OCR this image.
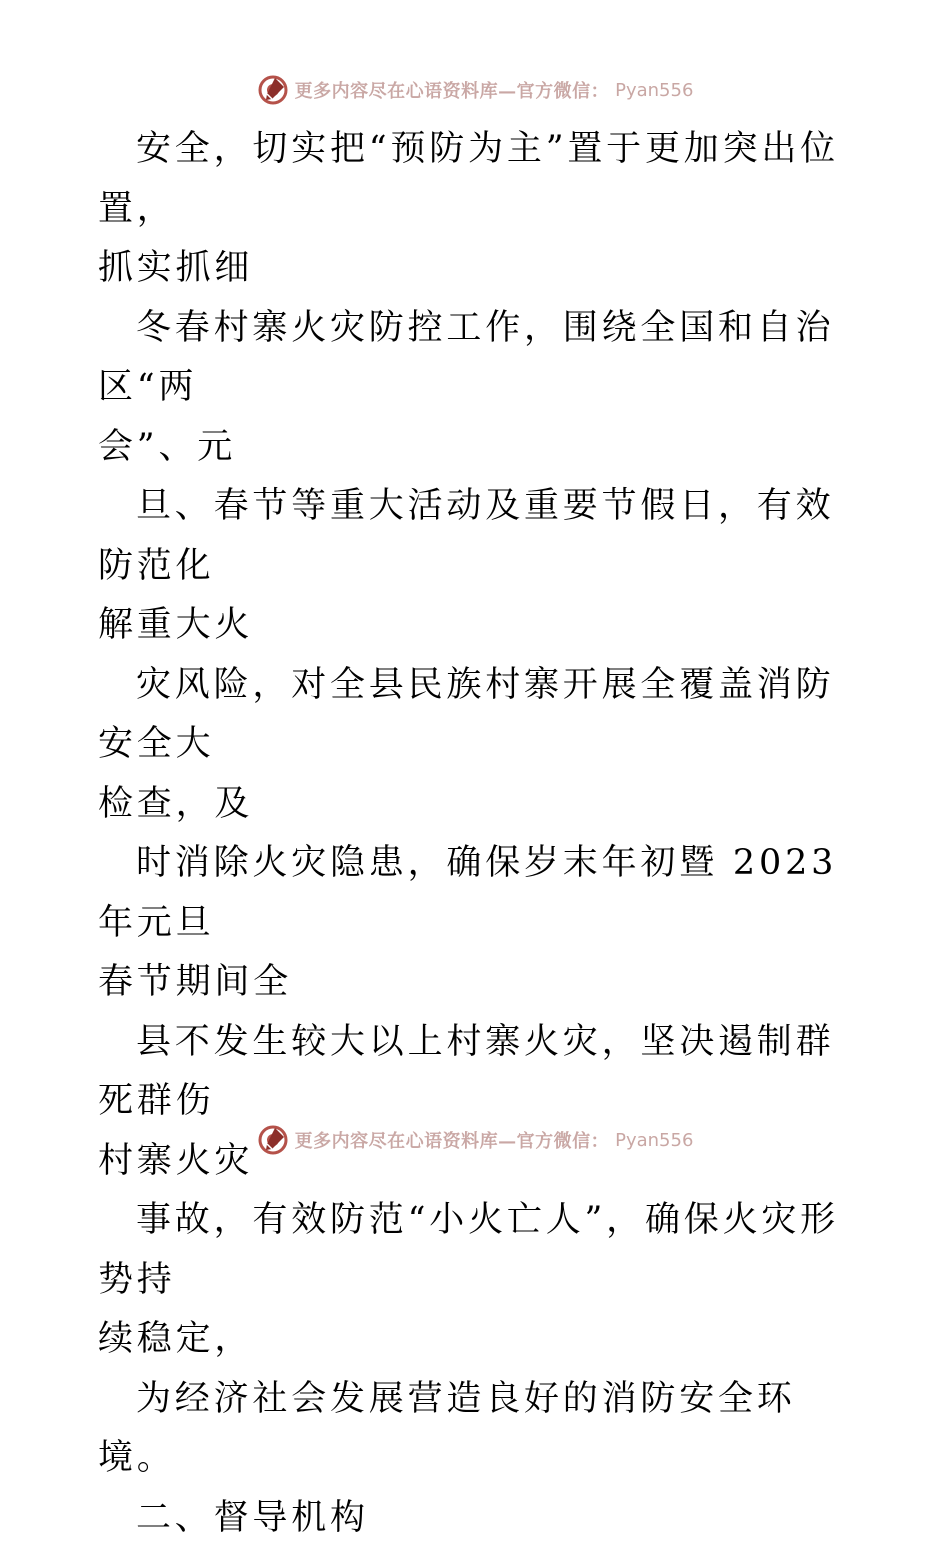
更多内容尽在心语资料库—官方微信： Pyan556

安全，切实把“预防为主”置于更加突出位置，
抓实抓细

冬春村寨火灾防控工作，围绕全国和自治区“两
会”、元

旦、春节等重大活动及重要节假日，有效防范化
解重大火

灾风险，对全县民族村寨开展全覆盖消防安全大
检查，及

时消除火灾隐患，确保岁末年初暨 2023 年元旦
春节期间全

县不发生较大以上村寨火灾，坚决遏制群死群伤
村寨火灾

事故，有效防范“小火亡人”，确保火灾形势持
续稳定，

为经济社会发展营造良好的消防安全环境。

二、督导机构

更多内容尽在心语资料库—官方微信： Pyan556
